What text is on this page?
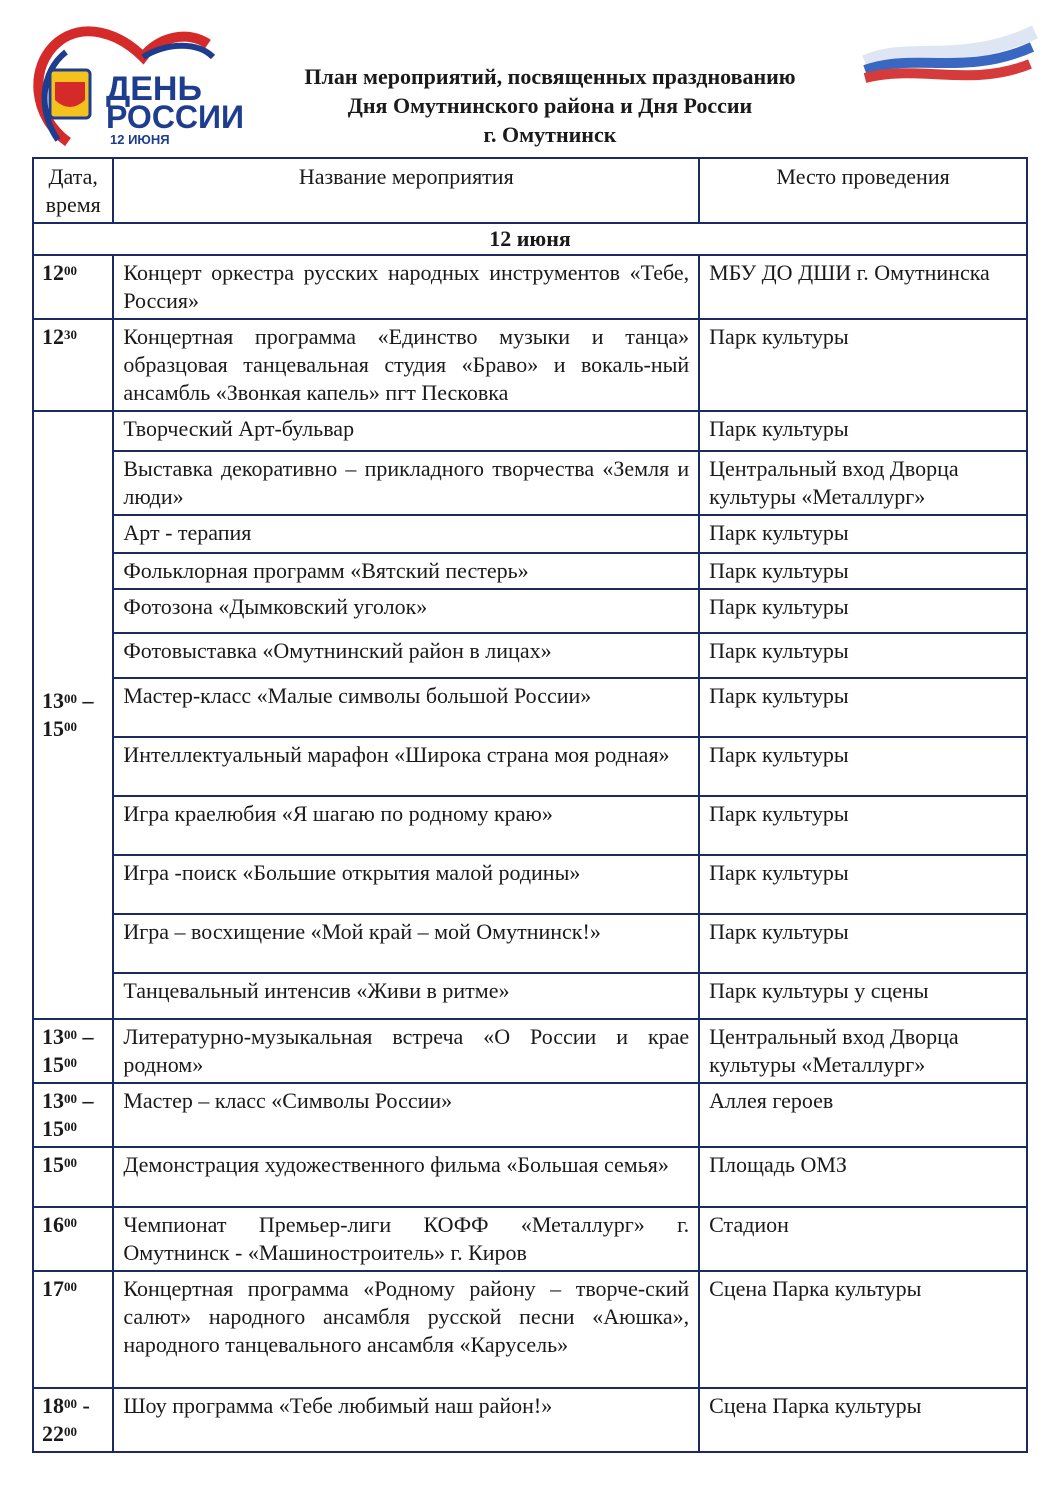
ДЕНЬ
РОССИИ
12 ИЮНЯ
План мероприятий, посвященных празднованию
Дня Омутнинского района и Дня России
г. Омутнинск
Дата,
время	Название мероприятия	Место проведения
12 июня		

$12^{00}$	Концерт оркестра русских народных инструментов «Тебе, Россия»	МБУ ДО ДШИ г. Омутнинска

$12^{30}$	Концертная программа «Единство музыки и танца» образцовая танцевальная студия «Браво» и вокаль-ный ансамбль «Звонкая капель» пгт Песковка	Парк культуры

$13^{00}$ –
$15^{00}$	Творческий Арт-бульвар	Парк культуры
	Выставка декоративно – прикладного творчества «Земля и люди»	Центральный вход Дворца культуры «Металлург»
	Арт - терапия	Парк культуры
	Фольклорная программ «Вятский пестерь»	Парк культуры
	Фотозона «Дымковский уголок»	Парк культуры
	Фотовыставка «Омутнинский район в лицах»	Парк культуры
	Мастер-класс «Малые символы большой России»	Парк культуры
	Интеллектуальный марафон «Широка страна моя родная»	Парк культуры
	Игра краелюбия «Я шагаю по родному краю»	Парк культуры
	Игра -поиск «Большие открытия малой родины»	Парк культуры
	Игра – восхищение «Мой край – мой Омутнинск!»	Парк культуры
	Танцевальный интенсив «Живи в ритме»	Парк культуры у сцены

$13^{00}$ –
$15^{00}$	Литературно-музыкальная встреча «О России и крае родном»	Центральный вход Дворца культуры «Металлург»

$13^{00}$ –
$15^{00}$	Мастер – класс «Символы России»	Аллея героев

$15^{00}$	Демонстрация художественного фильма «Большая семья»	Площадь ОМЗ

$16^{00}$	Чемпионат Премьер-лиги КОФФ «Металлург» г. Омутнинск - «Машиностроитель» г. Киров	Стадион

$17^{00}$	Концертная программа «Родному району – творче-ский салют» народного ансамбля русской песни «Аюшка», народного танцевального ансамбля «Карусель»	Сцена Парка культуры

$18^{00}$ -
$22^{00}$	Шоу программа «Тебе любимый наш район!»	Сцена Парка культуры
